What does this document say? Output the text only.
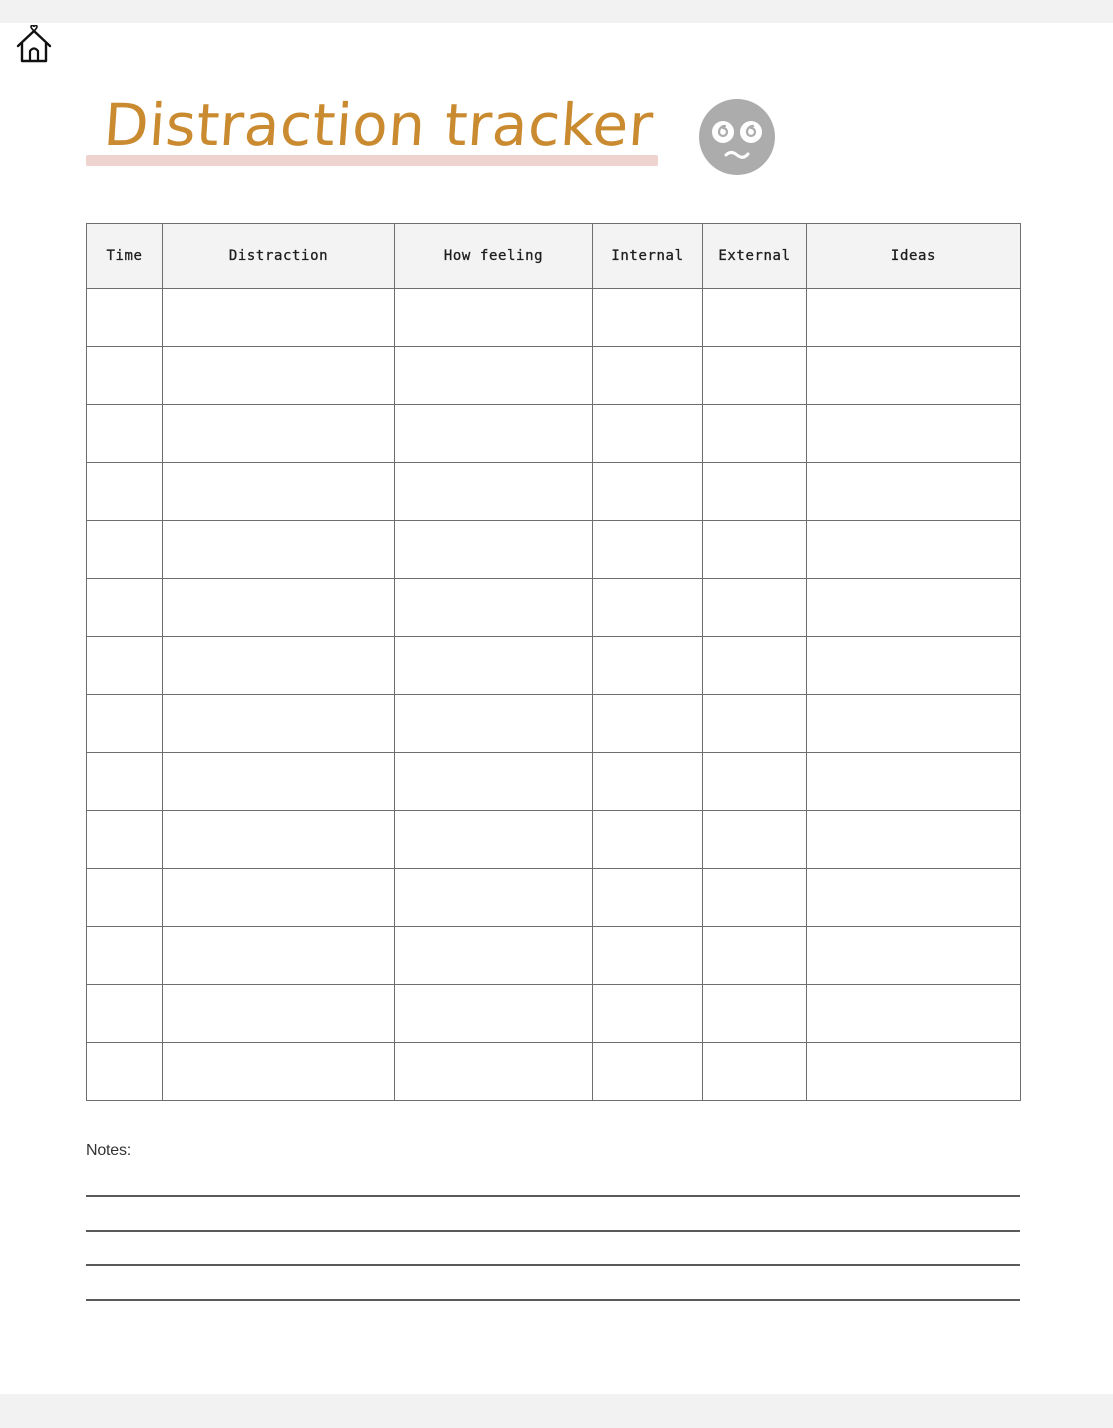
Distraction tracker
Time	Distraction	How feeling	Internal	External	Ideas

Notes:
